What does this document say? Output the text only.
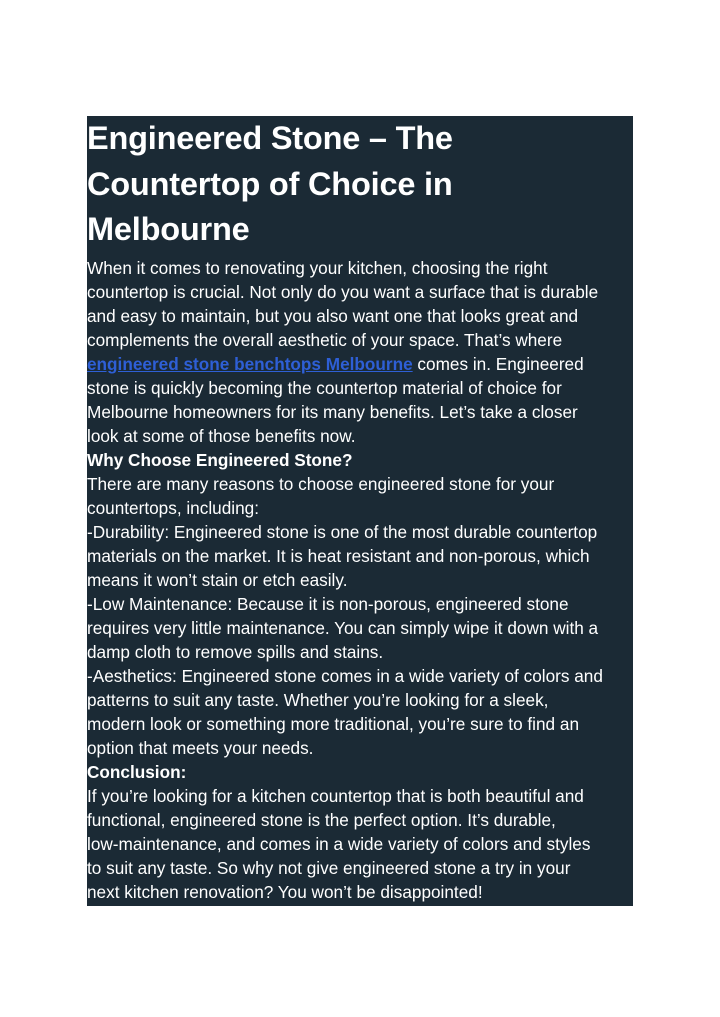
Engineered Stone – The
Countertop of Choice in
Melbourne
When it comes to renovating your kitchen, choosing the right
countertop is crucial. Not only do you want a surface that is durable
and easy to maintain, but you also want one that looks great and
complements the overall aesthetic of your space. That’s where
engineered stone benchtops Melbourne comes in. Engineered
stone is quickly becoming the countertop material of choice for
Melbourne homeowners for its many benefits. Let’s take a closer
look at some of those benefits now.
Why Choose Engineered Stone?
There are many reasons to choose engineered stone for your
countertops, including:
-Durability: Engineered stone is one of the most durable countertop
materials on the market. It is heat resistant and non-porous, which
means it won’t stain or etch easily.
-Low Maintenance: Because it is non-porous, engineered stone
requires very little maintenance. You can simply wipe it down with a
damp cloth to remove spills and stains.
-Aesthetics: Engineered stone comes in a wide variety of colors and
patterns to suit any taste. Whether you’re looking for a sleek,
modern look or something more traditional, you’re sure to find an
option that meets your needs.
Conclusion:
If you’re looking for a kitchen countertop that is both beautiful and
functional, engineered stone is the perfect option. It’s durable,
low-maintenance, and comes in a wide variety of colors and styles
to suit any taste. So why not give engineered stone a try in your
next kitchen renovation? You won’t be disappointed!
